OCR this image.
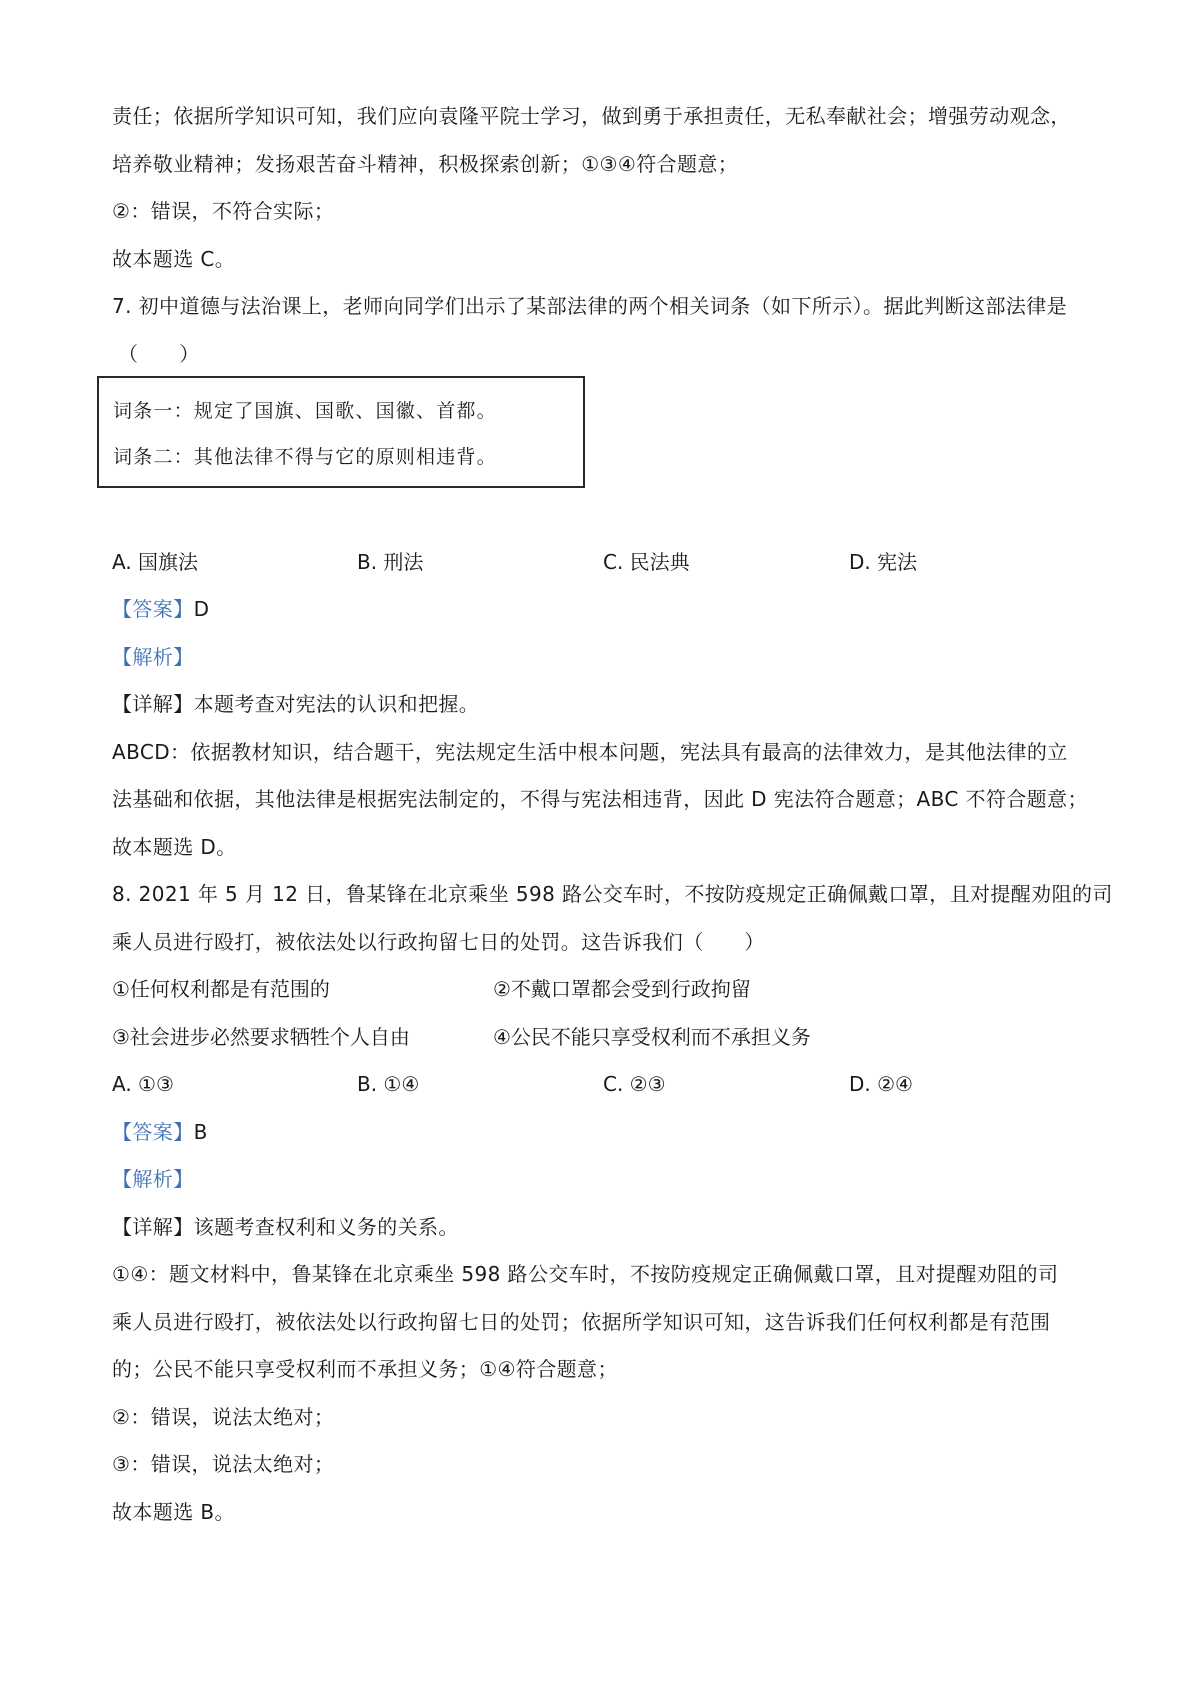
责任；依据所学知识可知，我们应向袁隆平院士学习，做到勇于承担责任，无私奉献社会；增强劳动观念，
培养敬业精神；发扬艰苦奋斗精神，积极探索创新；①③④符合题意；
②：错误，不符合实际；
故本题选 C。
7. 初中道德与法治课上，老师向同学们出示了某部法律的两个相关词条（如下所示）。据此判断这部法律是
（　　）
词条一：规定了国旗、国歌、国徽、首都。
词条二：其他法律不得与它的原则相违背。
A. 国旗法	B. 刑法	C. 民法典	D. 宪法
【答案】D
【解析】
【详解】本题考查对宪法的认识和把握。
ABCD：依据教材知识，结合题干，宪法规定生活中根本问题，宪法具有最高的法律效力，是其他法律的立
法基础和依据，其他法律是根据宪法制定的，不得与宪法相违背，因此 D 宪法符合题意；ABC 不符合题意；
故本题选 D。
8. 2021 年 5 月 12 日，鲁某锋在北京乘坐 598 路公交车时，不按防疫规定正确佩戴口罩，且对提醒劝阻的司
乘人员进行殴打，被依法处以行政拘留七日的处罚。这告诉我们（　　）
①任何权利都是有范围的	②不戴口罩都会受到行政拘留
③社会进步必然要求牺牲个人自由	④公民不能只享受权利而不承担义务
A. ①③	B. ①④	C. ②③	D. ②④
【答案】B
【解析】
【详解】该题考查权利和义务的关系。
①④：题文材料中，鲁某锋在北京乘坐 598 路公交车时，不按防疫规定正确佩戴口罩，且对提醒劝阻的司
乘人员进行殴打，被依法处以行政拘留七日的处罚；依据所学知识可知，这告诉我们任何权利都是有范围
的；公民不能只享受权利而不承担义务；①④符合题意；
②：错误，说法太绝对；
③：错误，说法太绝对；
故本题选 B。
